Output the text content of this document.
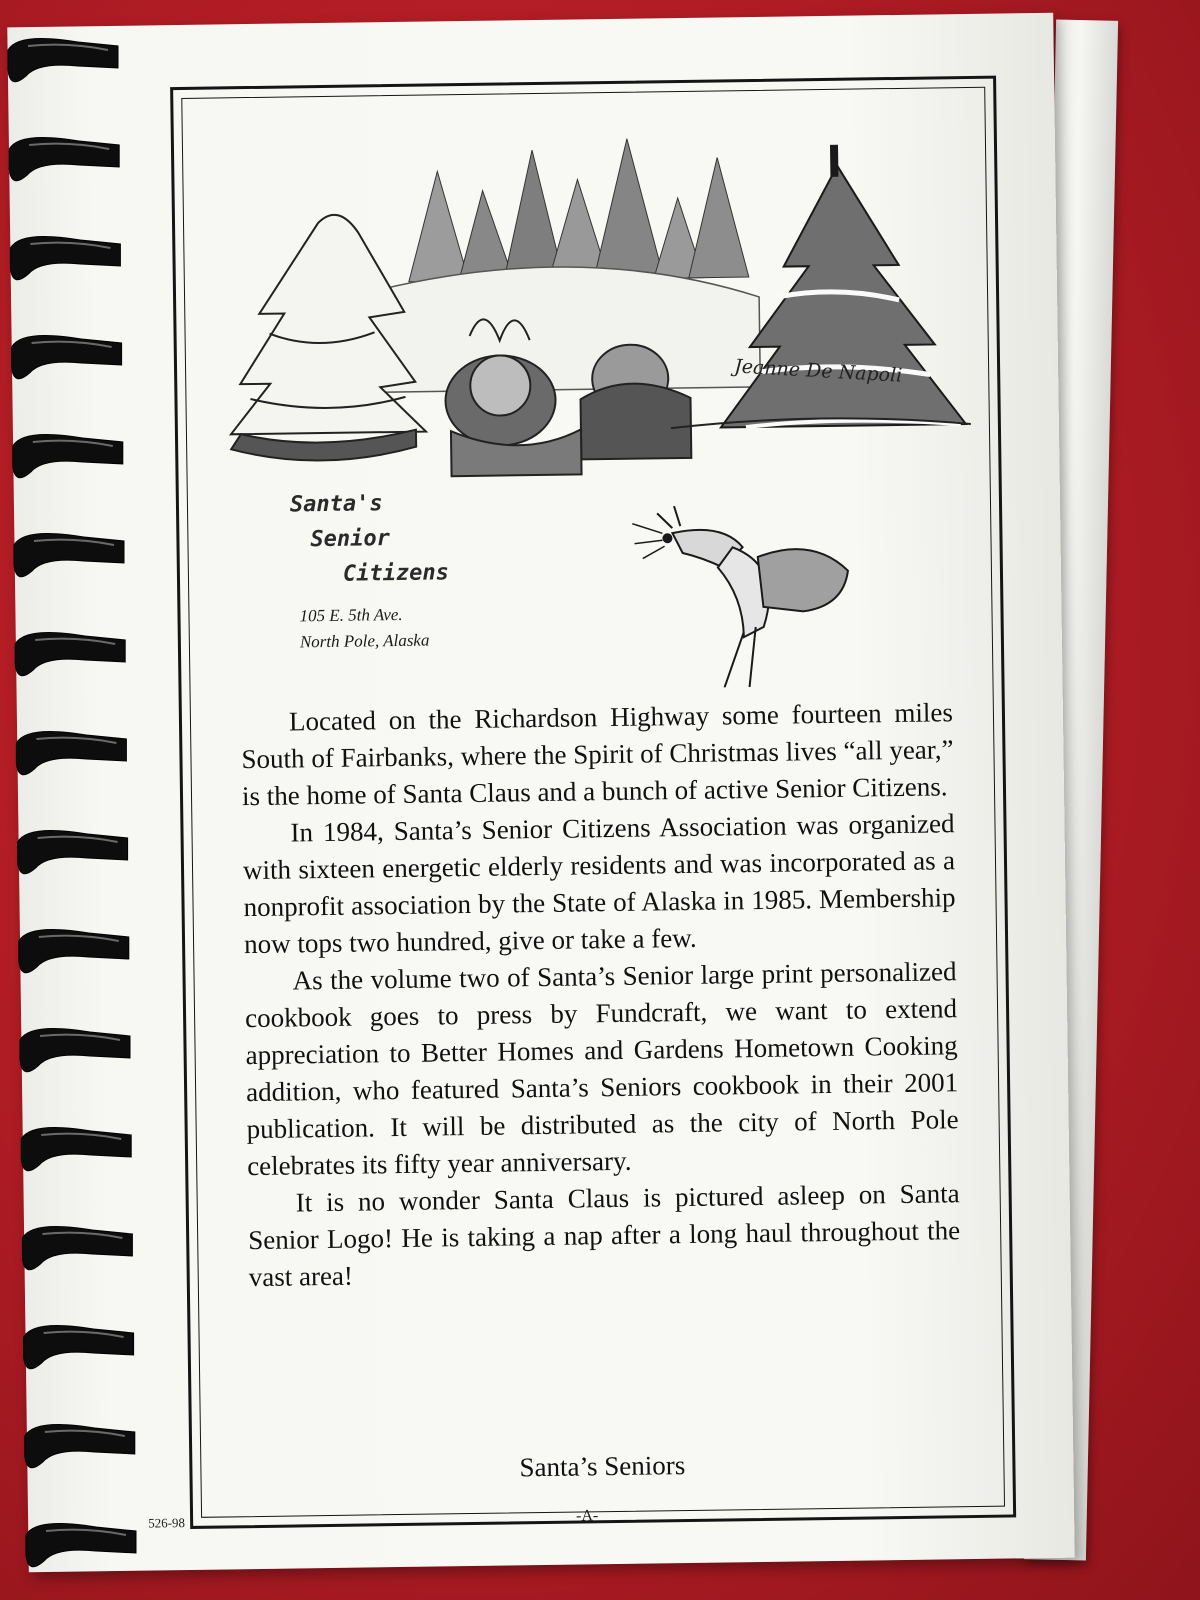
Jeanne De Napoli
Santa's
Senior
Citizens
105 E. 5th Ave.
North Pole, Alaska

Located on the Richardson Highway some fourteen miles South of Fairbanks, where the Spirit of Christmas lives “all year,” is the home of Santa Claus and a bunch of active Senior Citizens.

In 1984, Santa’s Senior Citizens Association was organized with sixteen energetic elderly residents and was incorporated as a nonprofit association by the State of Alaska in 1985. Membership now tops two hundred, give or take a few.

As the volume two of Santa’s Senior large print personalized cookbook goes to press by Fundcraft, we want to extend appreciation to Better Homes and Gardens Hometown Cooking addition, who featured Santa’s Seniors cookbook in their 2001 publication. It will be distributed as the city of North Pole celebrates its fifty year anniversary.

It is no wonder Santa Claus is pictured asleep on Santa Senior Logo! He is taking a nap after a long haul throughout the vast area!

Santa’s Seniors
526-98	-A-
